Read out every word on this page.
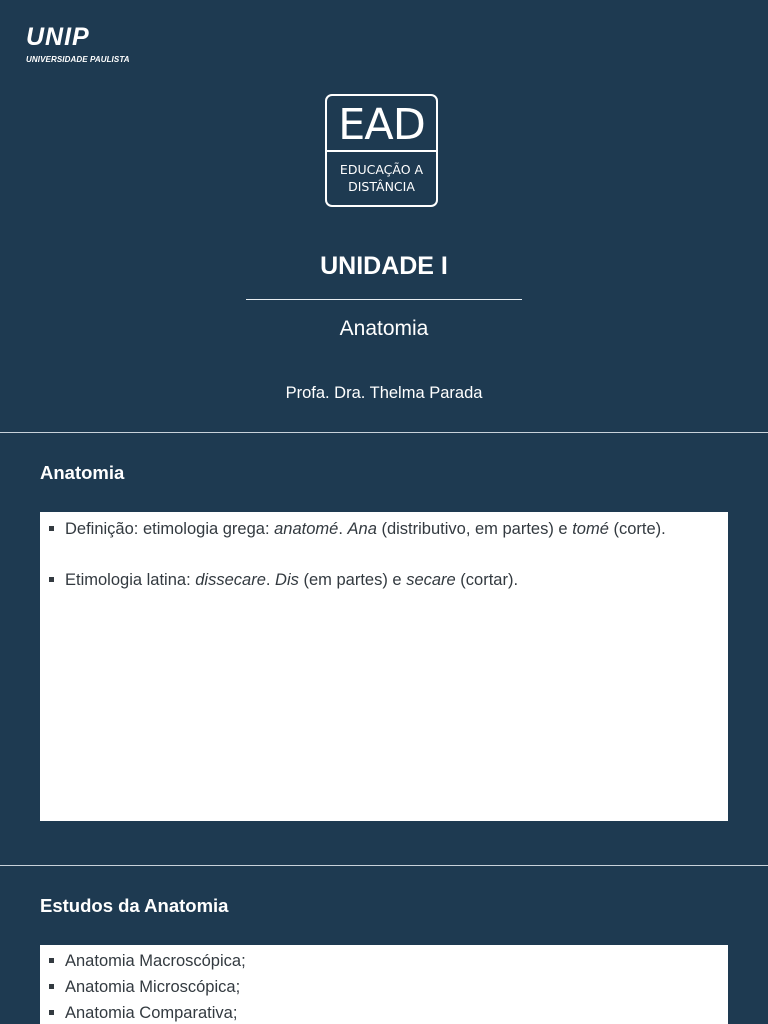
UNIP
UNIVERSIDADE PAULISTA
EAD
EDUCAÇÃO A
DISTÂNCIA
UNIDADE I
Anatomia
Profa. Dra. Thelma Parada
Anatomia
Definição: etimologia grega: anatomé. Ana (distributivo, em partes) e tomé (corte).
Etimologia latina: dissecare. Dis (em partes) e secare (cortar).
Estudos da Anatomia
Anatomia Macroscópica;
Anatomia Microscópica;
Anatomia Comparativa;
